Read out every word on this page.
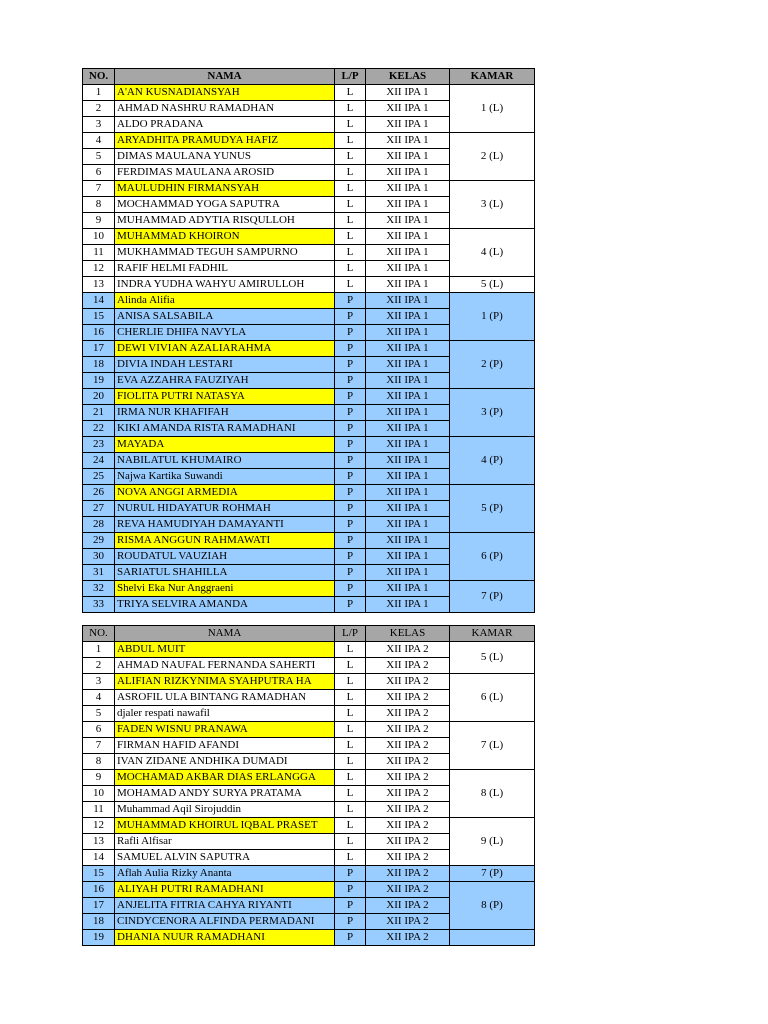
NO.	NAMA	L/P	KELAS	KAMAR
1	A'AN KUSNADIANSYAH	L	XII IPA 1	1 (L)
2	AHMAD NASHRU RAMADHAN	L	XII IPA 1	
3	ALDO PRADANA	L	XII IPA 1	
4	ARYADHITA PRAMUDYA HAFIZ	L	XII IPA 1	2 (L)
5	DIMAS MAULANA YUNUS	L	XII IPA 1	
6	FERDIMAS MAULANA AROSID	L	XII IPA 1	
7	MAULUDHIN FIRMANSYAH	L	XII IPA 1	3 (L)
8	MOCHAMMAD YOGA SAPUTRA	L	XII IPA 1	
9	MUHAMMAD ADYTIA RISQULLOH	L	XII IPA 1	
10	MUHAMMAD KHOIRON	L	XII IPA 1	4 (L)
11	MUKHAMMAD TEGUH SAMPURNO	L	XII IPA 1	
12	RAFIF HELMI FADHIL	L	XII IPA 1	
13	INDRA YUDHA WAHYU AMIRULLOH	L	XII IPA 1	5 (L)
14	Alinda Alifia	P	XII IPA 1	1 (P)
15	ANISA SALSABILA	P	XII IPA 1	
16	CHERLIE DHIFA NAVYLA	P	XII IPA 1	
17	DEWI VIVIAN AZALIARAHMA	P	XII IPA 1	2 (P)
18	DIVIA INDAH LESTARI	P	XII IPA 1	
19	EVA AZZAHRA FAUZIYAH	P	XII IPA 1	
20	FIOLITA PUTRI NATASYA	P	XII IPA 1	3 (P)
21	IRMA NUR KHAFIFAH	P	XII IPA 1	
22	KIKI AMANDA RISTA RAMADHANI	P	XII IPA 1	
23	MAYADA	P	XII IPA 1	4 (P)
24	NABILATUL KHUMAIRO	P	XII IPA 1	
25	Najwa Kartika Suwandi	P	XII IPA 1	
26	NOVA ANGGI ARMEDIA	P	XII IPA 1	5 (P)
27	NURUL HIDAYATUR ROHMAH	P	XII IPA 1	
28	REVA HAMUDIYAH DAMAYANTI	P	XII IPA 1	
29	RISMA ANGGUN RAHMAWATI	P	XII IPA 1	6 (P)
30	ROUDATUL VAUZIAH	P	XII IPA 1	
31	SARIATUL SHAHILLA	P	XII IPA 1	
32	Shelvi Eka Nur Anggraeni	P	XII IPA 1	7 (P)
33	TRIYA SELVIRA AMANDA	P	XII IPA 1	
NO.	NAMA	L/P	KELAS	KAMAR
1	ABDUL MUIT	L	XII IPA 2	5 (L)
2	AHMAD NAUFAL FERNANDA SAHERTI	L	XII IPA 2	
3	ALIFIAN RIZKYNIMA SYAHPUTRA HA	L	XII IPA 2	6 (L)
4	ASROFIL ULA BINTANG RAMADHAN	L	XII IPA 2	
5	djaler respati nawafil	L	XII IPA 2	
6	FADEN WISNU PRANAWA	L	XII IPA 2	7 (L)
7	FIRMAN HAFID AFANDI	L	XII IPA 2	
8	IVAN ZIDANE ANDHIKA DUMADI	L	XII IPA 2	
9	MOCHAMAD AKBAR DIAS ERLANGGA	L	XII IPA 2	8 (L)
10	MOHAMAD ANDY SURYA PRATAMA	L	XII IPA 2	
11	Muhammad Aqil Sirojuddin	L	XII IPA 2	
12	MUHAMMAD KHOIRUL IQBAL PRASET	L	XII IPA 2	9 (L)
13	Rafli Alfisar	L	XII IPA 2	
14	SAMUEL ALVIN SAPUTRA	L	XII IPA 2	
15	Aflah Aulia Rizky Ananta	P	XII IPA 2	7 (P)
16	ALIYAH PUTRI RAMADHANI	P	XII IPA 2	8 (P)
17	ANJELITA FITRIA CAHYA RIYANTI	P	XII IPA 2	
18	CINDYCENORA ALFINDA PERMADANI	P	XII IPA 2	
19	DHANIA NUUR RAMADHANI	P	XII IPA 2	
